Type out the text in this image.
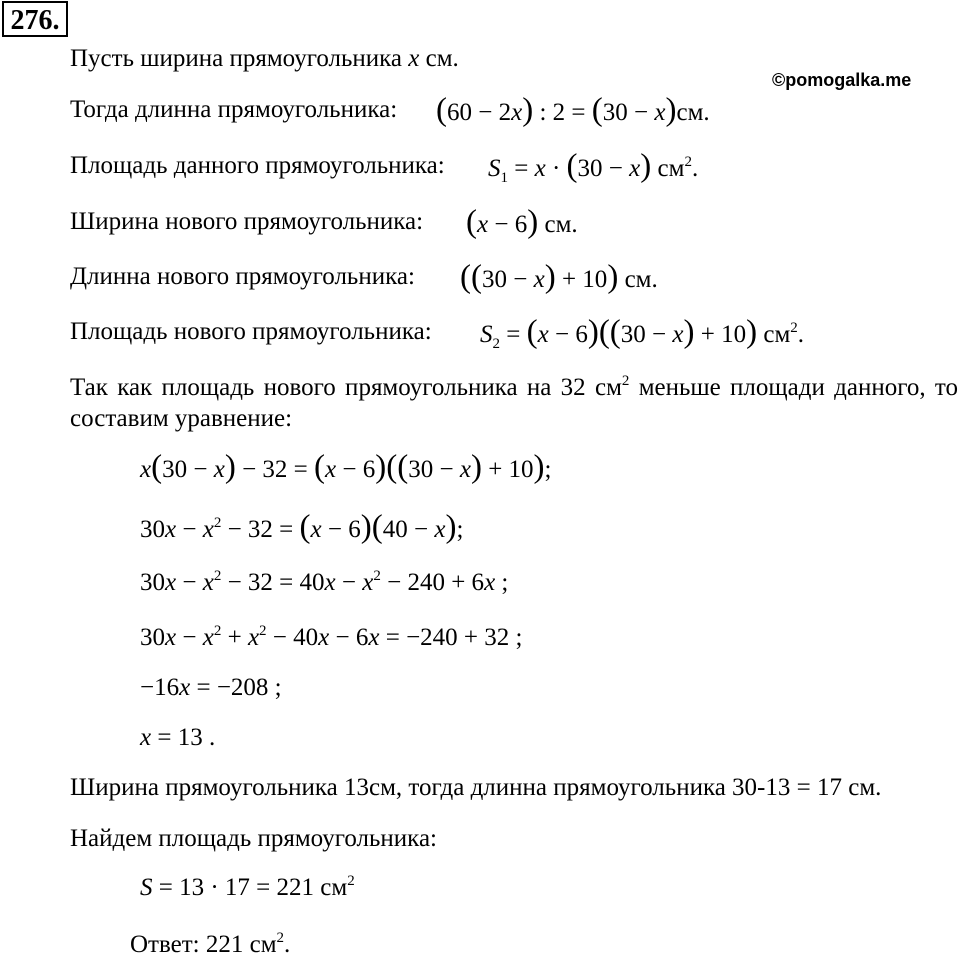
276.
©pomogalka.me
Пусть ширина прямоугольника x см.
Тогда длинна прямоугольника: (60 − 2x) : 2 = (30 − x)см.
Площадь данного прямоугольника: $S_1 = x \cdot (30 - x)$ $см^2$.
Ширина нового прямоугольника: (x − 6) см.
Длинна нового прямоугольника: ((30 − x) + 10) см.
Площадь нового прямоугольника: $S_2 = (x - 6)((30 - x) + 10)$ $см^2$.
Так как площадь нового прямоугольника на 32 $см^2$ меньше площади данного, то составим уравнение:
x(30 − x) − 32 = (x − 6)((30 − x) + 10);
$30x - x^2 - 32 = (x - 6)(40 - x)$;
$30x - x^2 - 32 = 40x - x^2 - 240 + 6x$ ;
$30x - x^2 + x^2 - 40x - 6x = -240 + 32$ ;
−16x = −208 ;
x = 13 .
Ширина прямоугольника 13см, тогда длинна прямоугольника 30-13 = 17 см.
Найдем площадь прямоугольника:
S = 13 · 17 = 221 $см^2$
Ответ: 221 $см^2$.
